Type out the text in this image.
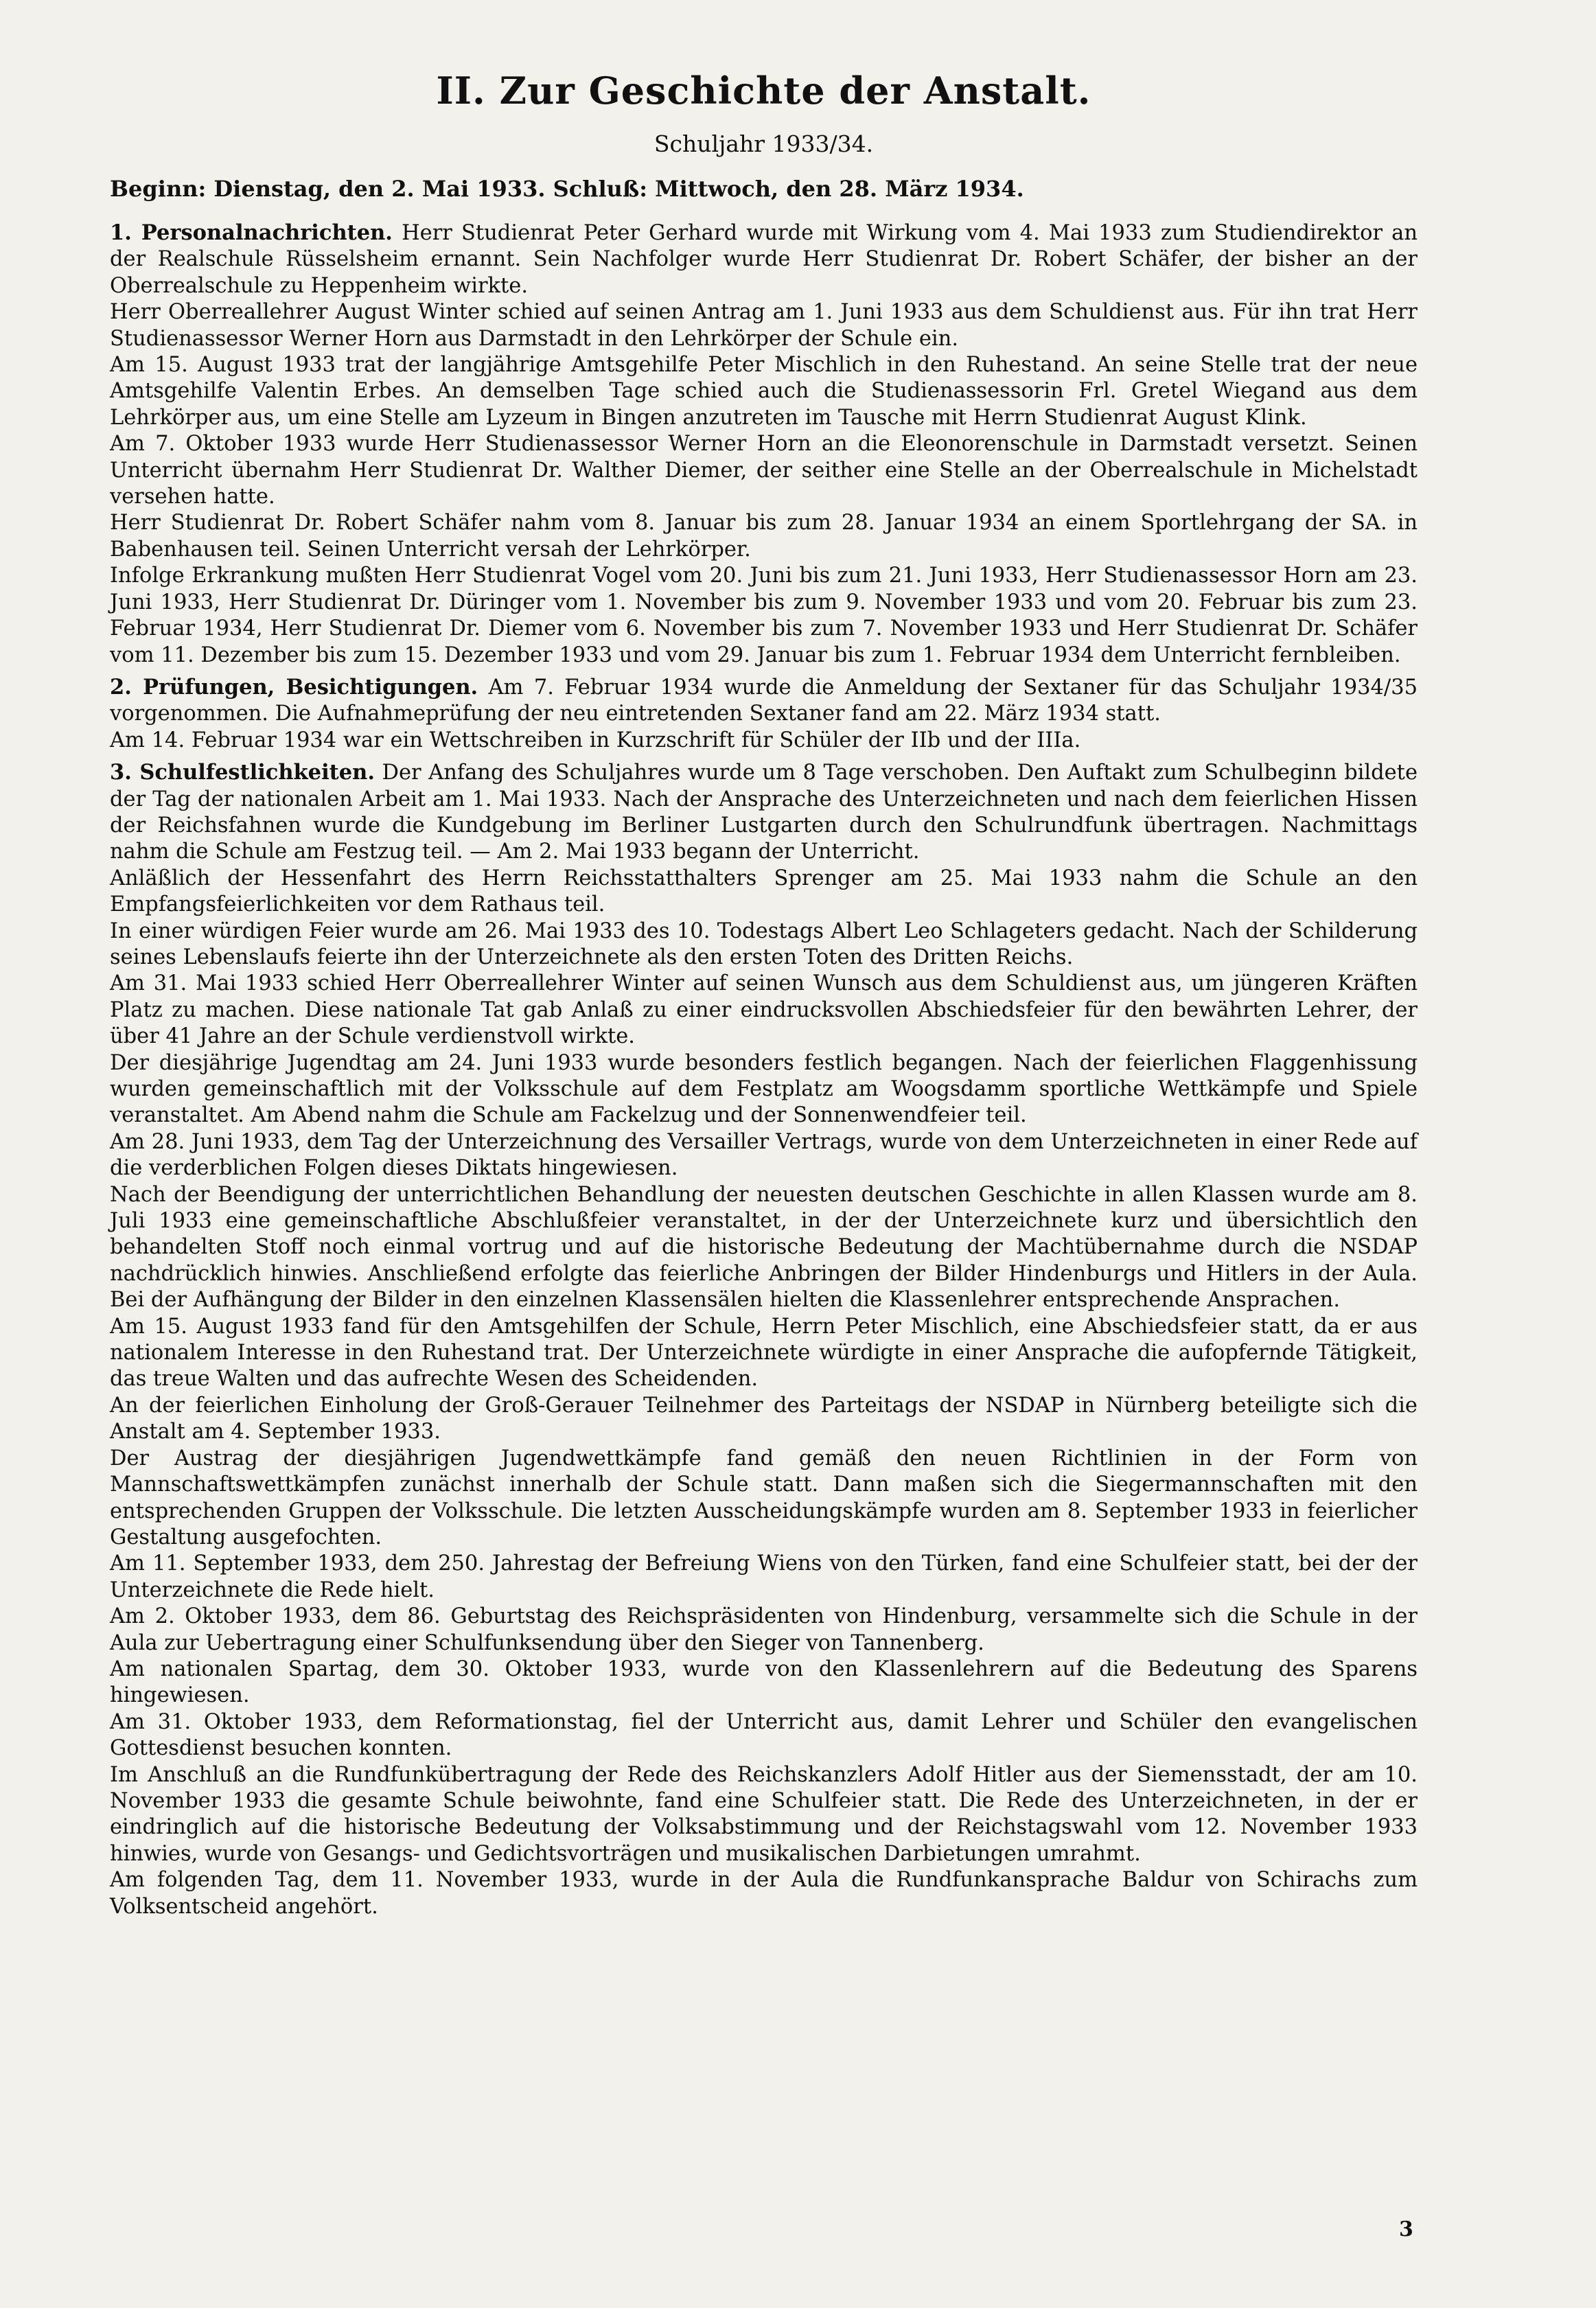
II. Zur Geschichte der Anstalt.
Schuljahr 1933/34.
Beginn: Dienstag, den 2. Mai 1933. Schluß: Mittwoch, den 28. März 1934.

1. Personalnachrichten. Herr Studienrat Peter Gerhard wurde mit Wirkung vom 4. Mai 1933 zum Studiendirektor an der Realschule Rüsselsheim ernannt. Sein Nachfolger wurde Herr Studienrat Dr. Robert Schäfer, der bisher an der Oberrealschule zu Heppenheim wirkte.

Herr Oberreallehrer August Winter schied auf seinen Antrag am 1. Juni 1933 aus dem Schuldienst aus. Für ihn trat Herr Studienassessor Werner Horn aus Darmstadt in den Lehrkörper der Schule ein.

Am 15. August 1933 trat der langjährige Amtsgehilfe Peter Mischlich in den Ruhestand. An seine Stelle trat der neue Amtsgehilfe Valentin Erbes. An demselben Tage schied auch die Studienassessorin Frl. Gretel Wiegand aus dem Lehrkörper aus, um eine Stelle am Lyzeum in Bingen anzutreten im Tausche mit Herrn Studienrat August Klink.

Am 7. Oktober 1933 wurde Herr Studienassessor Werner Horn an die Eleonorenschule in Darmstadt versetzt. Seinen Unterricht übernahm Herr Studienrat Dr. Walther Diemer, der seither eine Stelle an der Oberrealschule in Michelstadt versehen hatte.

Herr Studienrat Dr. Robert Schäfer nahm vom 8. Januar bis zum 28. Januar 1934 an einem Sportlehrgang der SA. in Babenhausen teil. Seinen Unterricht versah der Lehrkörper.

Infolge Erkrankung mußten Herr Studienrat Vogel vom 20. Juni bis zum 21. Juni 1933, Herr Studienassessor Horn am 23. Juni 1933, Herr Studienrat Dr. Düringer vom 1. November bis zum 9. November 1933 und vom 20. Februar bis zum 23. Februar 1934, Herr Studienrat Dr. Diemer vom 6. November bis zum 7. November 1933 und Herr Studienrat Dr. Schäfer vom 11. Dezember bis zum 15. Dezember 1933 und vom 29. Januar bis zum 1. Februar 1934 dem Unterricht fernbleiben.

2. Prüfungen, Besichtigungen. Am 7. Februar 1934 wurde die Anmeldung der Sextaner für das Schuljahr 1934/35 vorgenommen. Die Aufnahmeprüfung der neu eintretenden Sextaner fand am 22. März 1934 statt.

Am 14. Februar 1934 war ein Wettschreiben in Kurzschrift für Schüler der IIb und der IIIa.

3. Schulfestlichkeiten. Der Anfang des Schuljahres wurde um 8 Tage verschoben. Den Auftakt zum Schulbeginn bildete der Tag der nationalen Arbeit am 1. Mai 1933. Nach der Ansprache des Unterzeichneten und nach dem feierlichen Hissen der Reichsfahnen wurde die Kundgebung im Berliner Lustgarten durch den Schulrundfunk übertragen. Nachmittags nahm die Schule am Festzug teil. — Am 2. Mai 1933 begann der Unterricht.

Anläßlich der Hessenfahrt des Herrn Reichsstatthalters Sprenger am 25. Mai 1933 nahm die Schule an den Empfangsfeierlichkeiten vor dem Rathaus teil.

In einer würdigen Feier wurde am 26. Mai 1933 des 10. Todestags Albert Leo Schlageters gedacht. Nach der Schilderung seines Lebenslaufs feierte ihn der Unterzeichnete als den ersten Toten des Dritten Reichs.

Am 31. Mai 1933 schied Herr Oberreallehrer Winter auf seinen Wunsch aus dem Schuldienst aus, um jüngeren Kräften Platz zu machen. Diese nationale Tat gab Anlaß zu einer eindrucksvollen Abschiedsfeier für den bewährten Lehrer, der über 41 Jahre an der Schule verdienstvoll wirkte.

Der diesjährige Jugendtag am 24. Juni 1933 wurde besonders festlich begangen. Nach der feierlichen Flaggenhissung wurden gemeinschaftlich mit der Volksschule auf dem Festplatz am Woogsdamm sportliche Wettkämpfe und Spiele veranstaltet. Am Abend nahm die Schule am Fackelzug und der Sonnenwendfeier teil.

Am 28. Juni 1933, dem Tag der Unterzeichnung des Versailler Vertrags, wurde von dem Unterzeichneten in einer Rede auf die verderblichen Folgen dieses Diktats hingewiesen.

Nach der Beendigung der unterrichtlichen Behandlung der neuesten deutschen Geschichte in allen Klassen wurde am 8. Juli 1933 eine gemeinschaftliche Abschlußfeier veranstaltet, in der der Unterzeichnete kurz und übersichtlich den behandelten Stoff noch einmal vortrug und auf die historische Bedeutung der Machtübernahme durch die NSDAP nachdrücklich hinwies. Anschließend erfolgte das feierliche Anbringen der Bilder Hindenburgs und Hitlers in der Aula. Bei der Aufhängung der Bilder in den einzelnen Klassensälen hielten die Klassenlehrer entsprechende Ansprachen.

Am 15. August 1933 fand für den Amtsgehilfen der Schule, Herrn Peter Mischlich, eine Abschiedsfeier statt, da er aus nationalem Interesse in den Ruhestand trat. Der Unterzeichnete würdigte in einer Ansprache die aufopfernde Tätigkeit, das treue Walten und das aufrechte Wesen des Scheidenden.

An der feierlichen Einholung der Groß-Gerauer Teilnehmer des Parteitags der NSDAP in Nürnberg beteiligte sich die Anstalt am 4. September 1933.

Der Austrag der diesjährigen Jugendwettkämpfe fand gemäß den neuen Richtlinien in der Form von Mannschaftswettkämpfen zunächst innerhalb der Schule statt. Dann maßen sich die Siegermannschaften mit den entsprechenden Gruppen der Volksschule. Die letzten Ausscheidungskämpfe wurden am 8. September 1933 in feierlicher Gestaltung ausgefochten.

Am 11. September 1933, dem 250. Jahrestag der Befreiung Wiens von den Türken, fand eine Schulfeier statt, bei der der Unterzeichnete die Rede hielt.

Am 2. Oktober 1933, dem 86. Geburtstag des Reichspräsidenten von Hindenburg, versammelte sich die Schule in der Aula zur Uebertragung einer Schulfunksendung über den Sieger von Tannenberg.

Am nationalen Spartag, dem 30. Oktober 1933, wurde von den Klassenlehrern auf die Bedeutung des Sparens hingewiesen.

Am 31. Oktober 1933, dem Reformationstag, fiel der Unterricht aus, damit Lehrer und Schüler den evangelischen Gottesdienst besuchen konnten.

Im Anschluß an die Rundfunkübertragung der Rede des Reichskanzlers Adolf Hitler aus der Siemensstadt, der am 10. November 1933 die gesamte Schule beiwohnte, fand eine Schulfeier statt. Die Rede des Unterzeichneten, in der er eindringlich auf die historische Bedeutung der Volksabstimmung und der Reichstagswahl vom 12. November 1933 hinwies, wurde von Gesangs- und Gedichtsvorträgen und musikalischen Darbietungen umrahmt.

Am folgenden Tag, dem 11. November 1933, wurde in der Aula die Rundfunkansprache Baldur von Schirachs zum Volksentscheid angehört.

3
